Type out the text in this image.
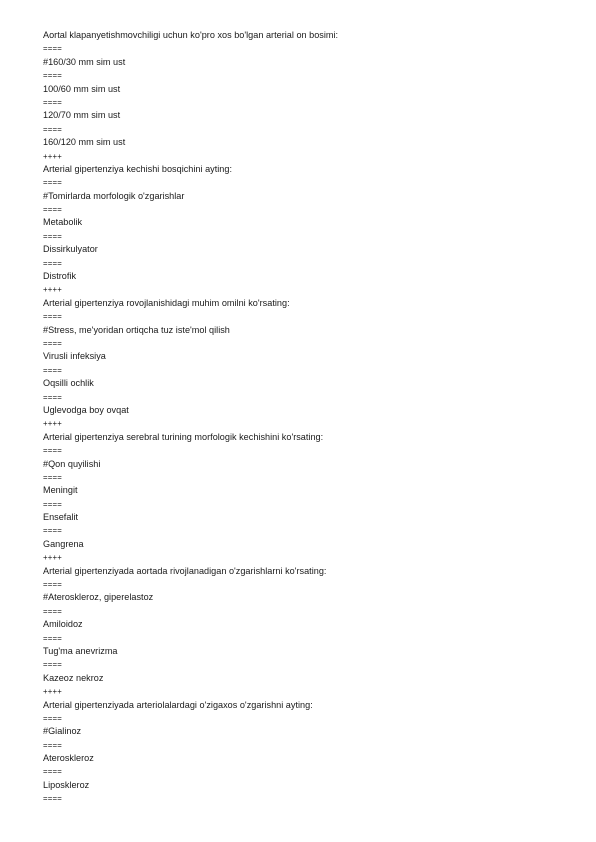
Aortal klapanyetishmovchiligi uchun ko'pro xos bo'lgan arterial on bosimi:
====
#160/30 mm sim ust
====
100/60 mm sim ust
====
120/70 mm sim ust
====
160/120 mm sim ust
++++
Arterial gipertenziya kechishi bosqichini ayting:
====
#Tomirlarda morfologik o'zgarishlar
====
Metabolik
====
Dissirkulyator
====
Distrofik
++++
Arterial gipertenziya rovojlanishidagi muhim omilni ko'rsating:
====
#Stress, me'yoridan ortiqcha tuz iste'mol qilish
====
Virusli infeksiya
====
Oqsilli ochlik
====
Uglevodga boy ovqat
++++
Arterial gipertenziya serebral turining morfologik kechishini ko'rsating:
====
#Qon quyilishi
====
Meningit
====
Ensefalit
====
Gangrena
++++
Arterial gipertenziyada aortada rivojlanadigan o'zgarishlarni ko'rsating:
====
#Ateroskleroz, giperelastoz
====
Amiloidoz
====
Tug'ma anevrizma
====
Kazeoz nekroz
++++
Arterial gipertenziyada arteriolalardagi o'zigaxos o'zgarishni ayting:
====
#Gialinoz
====
Ateroskleroz
====
Liposkleroz
====
